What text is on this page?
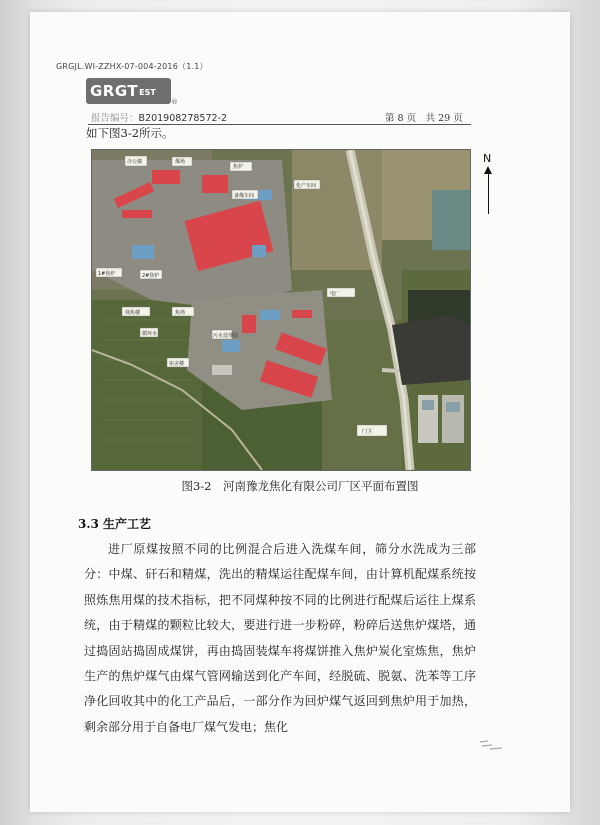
GRGJL.WI-ZZHX-07-004-2016（1.1）
GRGT EST
®
报告编号：B201908278572-2	第 8 页　共 29 页
如下图3-2所示。
办公楼	煤场
焦炉
化产车间
备煤车间
电厂
1#焦炉	2#焦炉
筛焦楼	焦场
循环水	污水处理站
宿舍楼
门卫
N
图3-2　河南豫龙焦化有限公司厂区平面布置图
3.3 生产工艺

进厂原煤按照不同的比例混合后进入洗煤车间，筛分水洗成为三部分：中煤、矸石和精煤，洗出的精煤运往配煤车间，由计算机配煤系统按照炼焦用煤的技术指标，把不同煤种按不同的比例进行配煤后运往上煤系统，由于精煤的颗粒比较大，要进行进一步粉碎，粉碎后送焦炉煤塔，通过捣固站捣固成煤饼，再由捣固装煤车将煤饼推入焦炉炭化室炼焦，焦炉生产的焦炉煤气由煤气管网输送到化产车间，经脱硫、脱氨、洗苯等工序净化回收其中的化工产品后，一部分作为回炉煤气返回到焦炉用于加热，剩余部分用于自备电厂煤气发电；焦化
